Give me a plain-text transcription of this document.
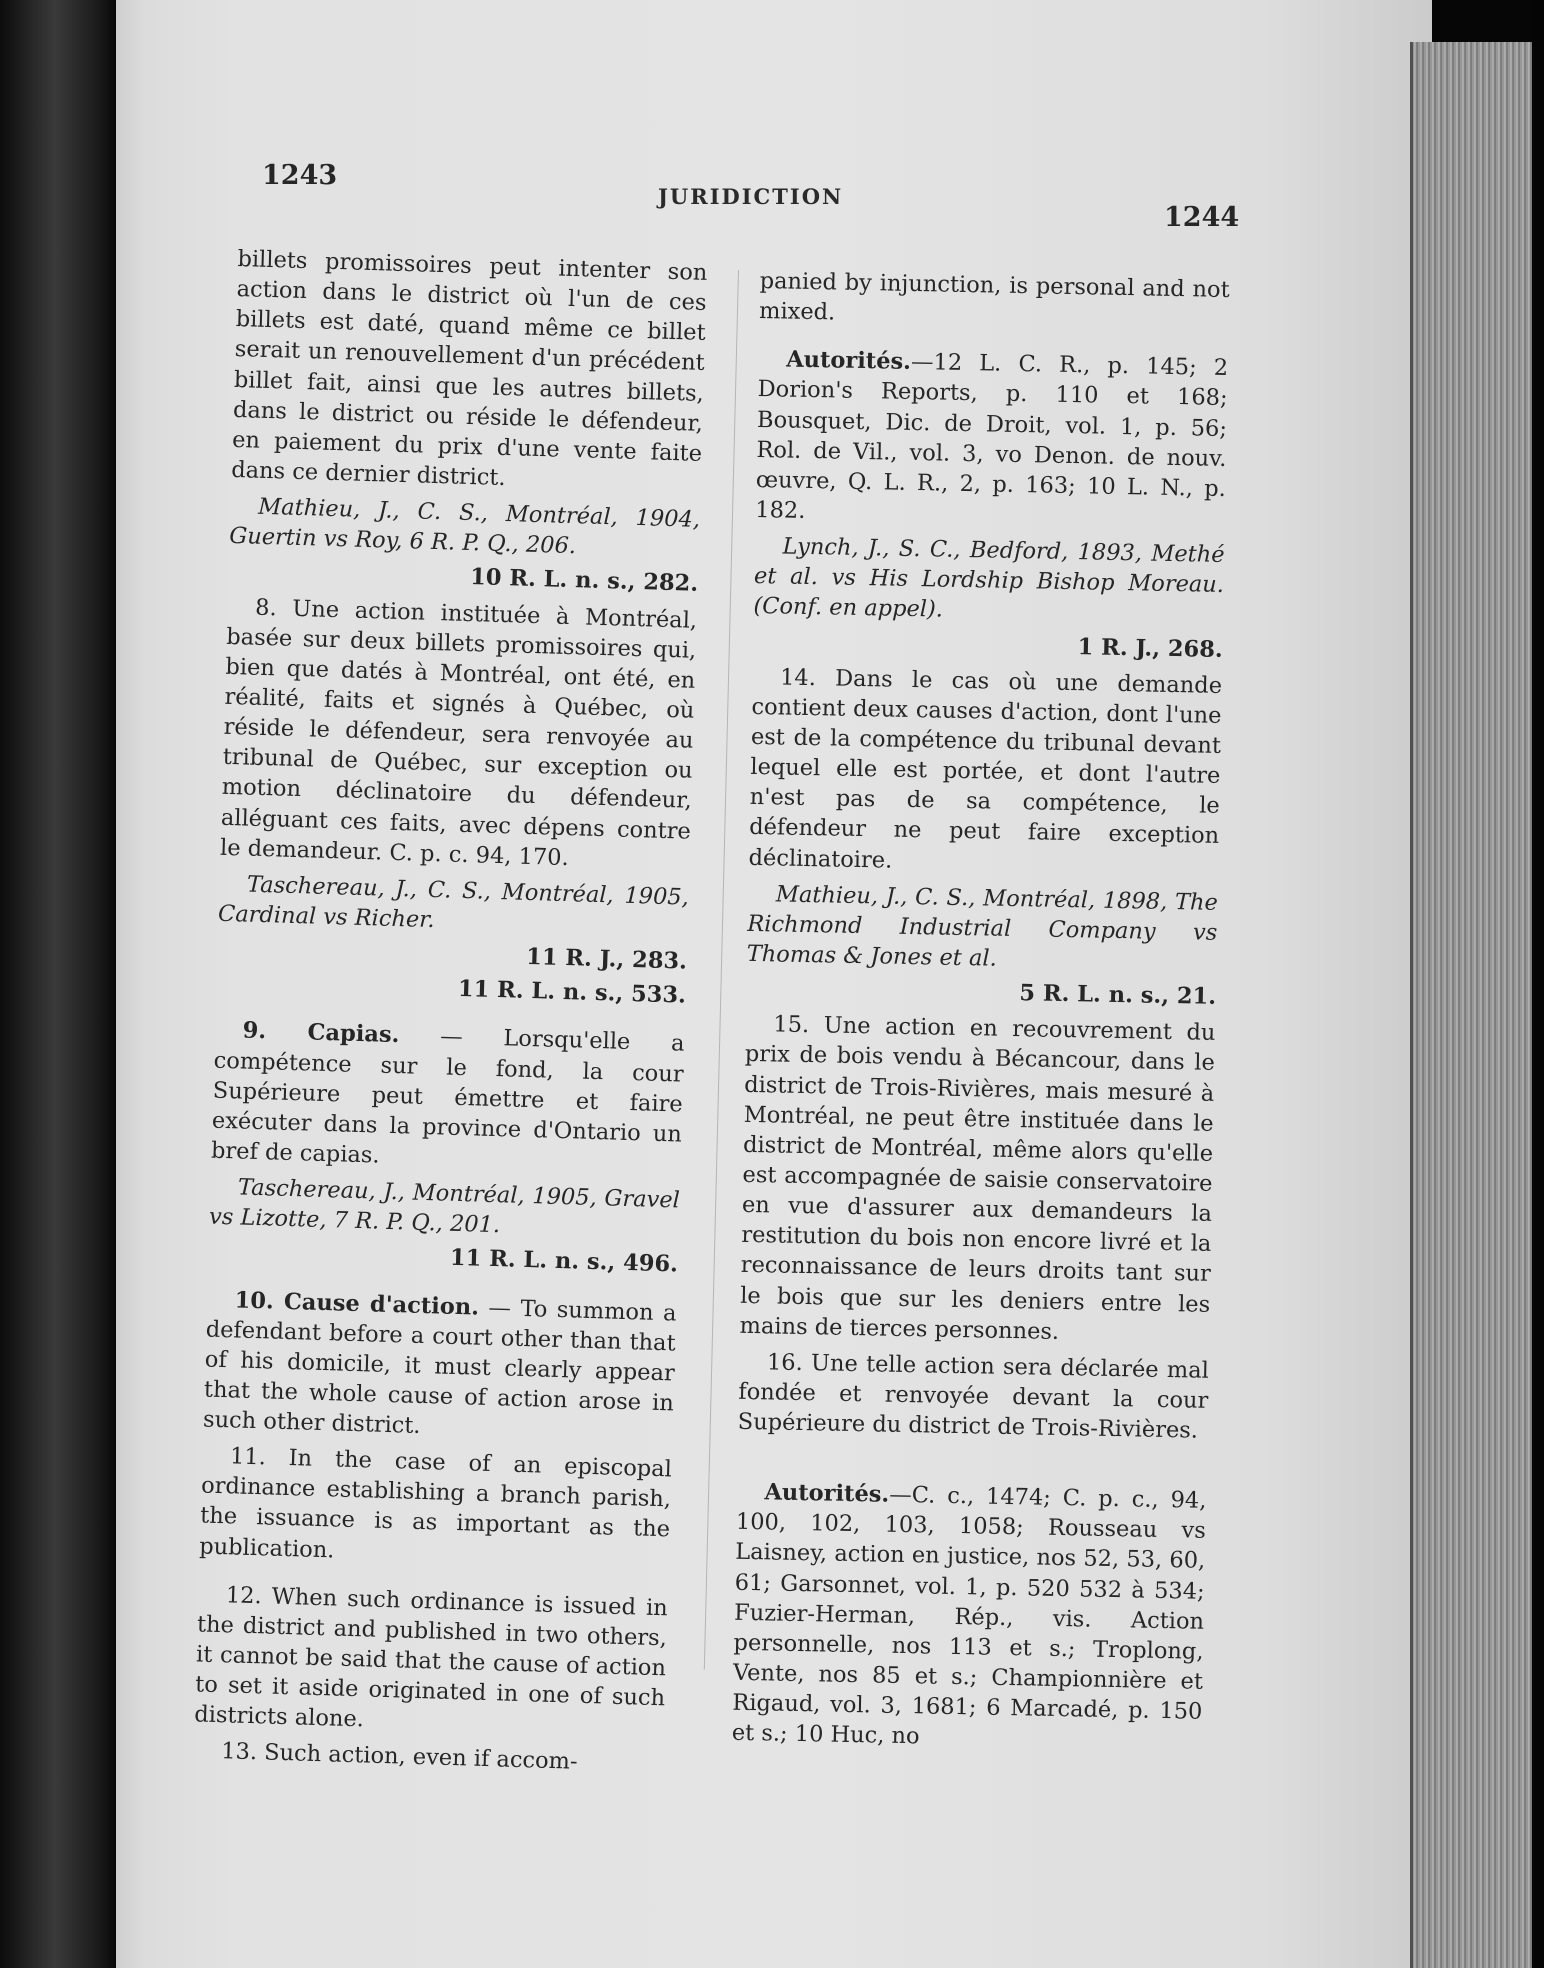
1243
JURIDICTION
1244

billets promissoires peut intenter son action dans le district où l'un de ces billets est daté, quand même ce billet serait un renouvellement d'un précédent billet fait, ainsi que les autres billets, dans le district ou réside le défendeur, en paiement du prix d'une vente faite dans ce dernier district.

Mathieu, J., C. S., Montréal, 1904, Guertin vs Roy, 6 R. P. Q., 206.

10 R. L. n. s., 282.

8. Une action instituée à Montréal, basée sur deux billets promissoires qui, bien que datés à Montréal, ont été, en réalité, faits et signés à Québec, où réside le défendeur, sera renvoyée au tribunal de Québec, sur exception ou motion déclinatoire du défendeur, alléguant ces faits, avec dépens contre le demandeur. C. p. c. 94, 170.

Taschereau, J., C. S., Montréal, 1905, Cardinal vs Richer.

11 R. J., 283.

11 R. L. n. s., 533.

9. Capias. — Lorsqu'elle a compétence sur le fond, la cour Supérieure peut émettre et faire exécuter dans la province d'Ontario un bref de capias.

Taschereau, J., Montréal, 1905, Gravel vs Lizotte, 7 R. P. Q., 201.

11 R. L. n. s., 496.

10. Cause d'action. — To summon a defendant before a court other than that of his domicile, it must clearly appear that the whole cause of action arose in such other district.

11. In the case of an episcopal ordinance establishing a branch parish, the issuance is as important as the publication.

12. When such ordinance is issued in the district and published in two others, it cannot be said that the cause of action to set it aside originated in one of such districts alone.

13. Such action, even if accom-

panied by injunction, is personal and not mixed.

Autorités.—12 L. C. R., p. 145; 2 Dorion's Reports, p. 110 et 168; Bousquet, Dic. de Droit, vol. 1, p. 56; Rol. de Vil., vol. 3, vo Denon. de nouv. œuvre, Q. L. R., 2, p. 163; 10 L. N., p. 182.

Lynch, J., S. C., Bedford, 1893, Methé et al. vs His Lordship Bishop Moreau. (Conf. en appel).

1 R. J., 268.

14. Dans le cas où une demande contient deux causes d'action, dont l'une est de la compétence du tribunal devant lequel elle est portée, et dont l'autre n'est pas de sa compétence, le défendeur ne peut faire exception déclinatoire.

Mathieu, J., C. S., Montréal, 1898, The Richmond Industrial Company vs Thomas & Jones et al.

5 R. L. n. s., 21.

15. Une action en recouvrement du prix de bois vendu à Bécancour, dans le district de Trois-Rivières, mais mesuré à Montréal, ne peut être instituée dans le district de Montréal, même alors qu'elle est accompagnée de saisie conservatoire en vue d'assurer aux demandeurs la restitution du bois non encore livré et la reconnaissance de leurs droits tant sur le bois que sur les deniers entre les mains de tierces personnes.

16. Une telle action sera déclarée mal fondée et renvoyée devant la cour Supérieure du district de Trois-Rivières.

Autorités.—C. c., 1474; C. p. c., 94, 100, 102, 103, 1058; Rousseau vs Laisney, action en justice, nos 52, 53, 60, 61; Garsonnet, vol. 1, p. 520 532 à 534; Fuzier-Herman, Rép., vis. Action personnelle, nos 113 et s.; Troplong, Vente, nos 85 et s.; Championnière et Rigaud, vol. 3, 1681; 6 Marcadé, p. 150 et s.; 10 Huc, no
